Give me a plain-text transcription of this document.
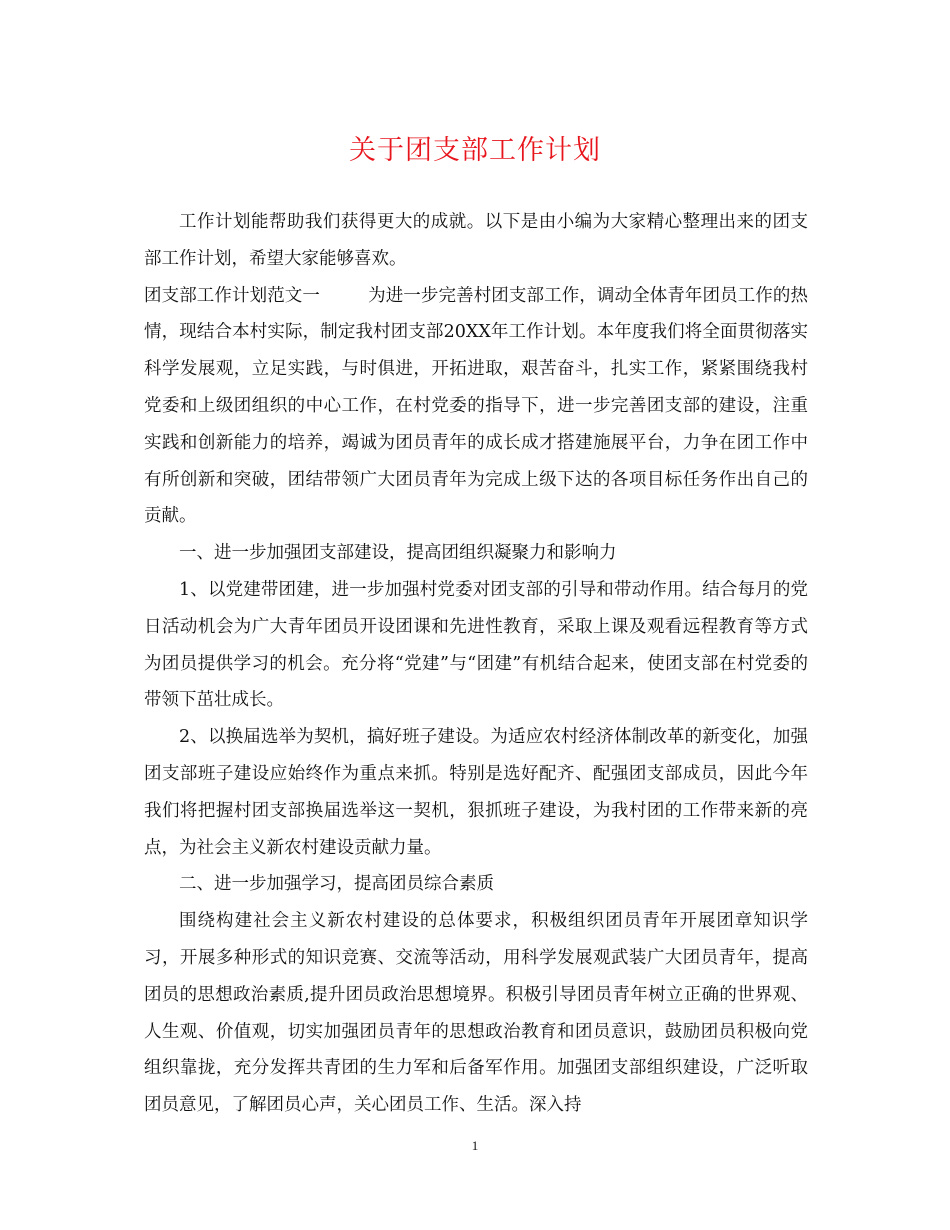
关于团支部工作计划

工作计划能帮助我们获得更大的成就。以下是由小编为大家精心整理出来的团支部工作计划，希望大家能够喜欢。

团支部工作计划范文一	为进一步完善村团支部工作，调动全体青年团员工作的热情，现结合本村实际，制定我村团支部20XX年工作计划。本年度我们将全面贯彻落实科学发展观，立足实践，与时俱进，开拓进取，艰苦奋斗，扎实工作，紧紧围绕我村党委和上级团组织的中心工作，在村党委的指导下，进一步完善团支部的建设，注重实践和创新能力的培养，竭诚为团员青年的成长成才搭建施展平台，力争在团工作中有所创新和突破，团结带领广大团员青年为完成上级下达的各项目标任务作出自己的贡献。

一、进一步加强团支部建设，提高团组织凝聚力和影响力

1、以党建带团建，进一步加强村党委对团支部的引导和带动作用。结合每月的党日活动机会为广大青年团员开设团课和先进性教育，采取上课及观看远程教育等方式为团员提供学习的机会。充分将“党建”与“团建”有机结合起来，使团支部在村党委的带领下茁壮成长。

2、以换届选举为契机，搞好班子建设。为适应农村经济体制改革的新变化，加强团支部班子建设应始终作为重点来抓。特别是选好配齐、配强团支部成员，因此今年我们将把握村团支部换届选举这一契机，狠抓班子建设，为我村团的工作带来新的亮点，为社会主义新农村建设贡献力量。

二、进一步加强学习，提高团员综合素质

围绕构建社会主义新农村建设的总体要求，积极组织团员青年开展团章知识学习，开展多种形式的知识竞赛、交流等活动，用科学发展观武装广大团员青年，提高团员的思想政治素质,提升团员政治思想境界。积极引导团员青年树立正确的世界观、人生观、价值观，切实加强团员青年的思想政治教育和团员意识，鼓励团员积极向党组织靠拢，充分发挥共青团的生力军和后备军作用。加强团支部组织建设，广泛听取团员意见，了解团员心声，关心团员工作、生活。深入持

1
